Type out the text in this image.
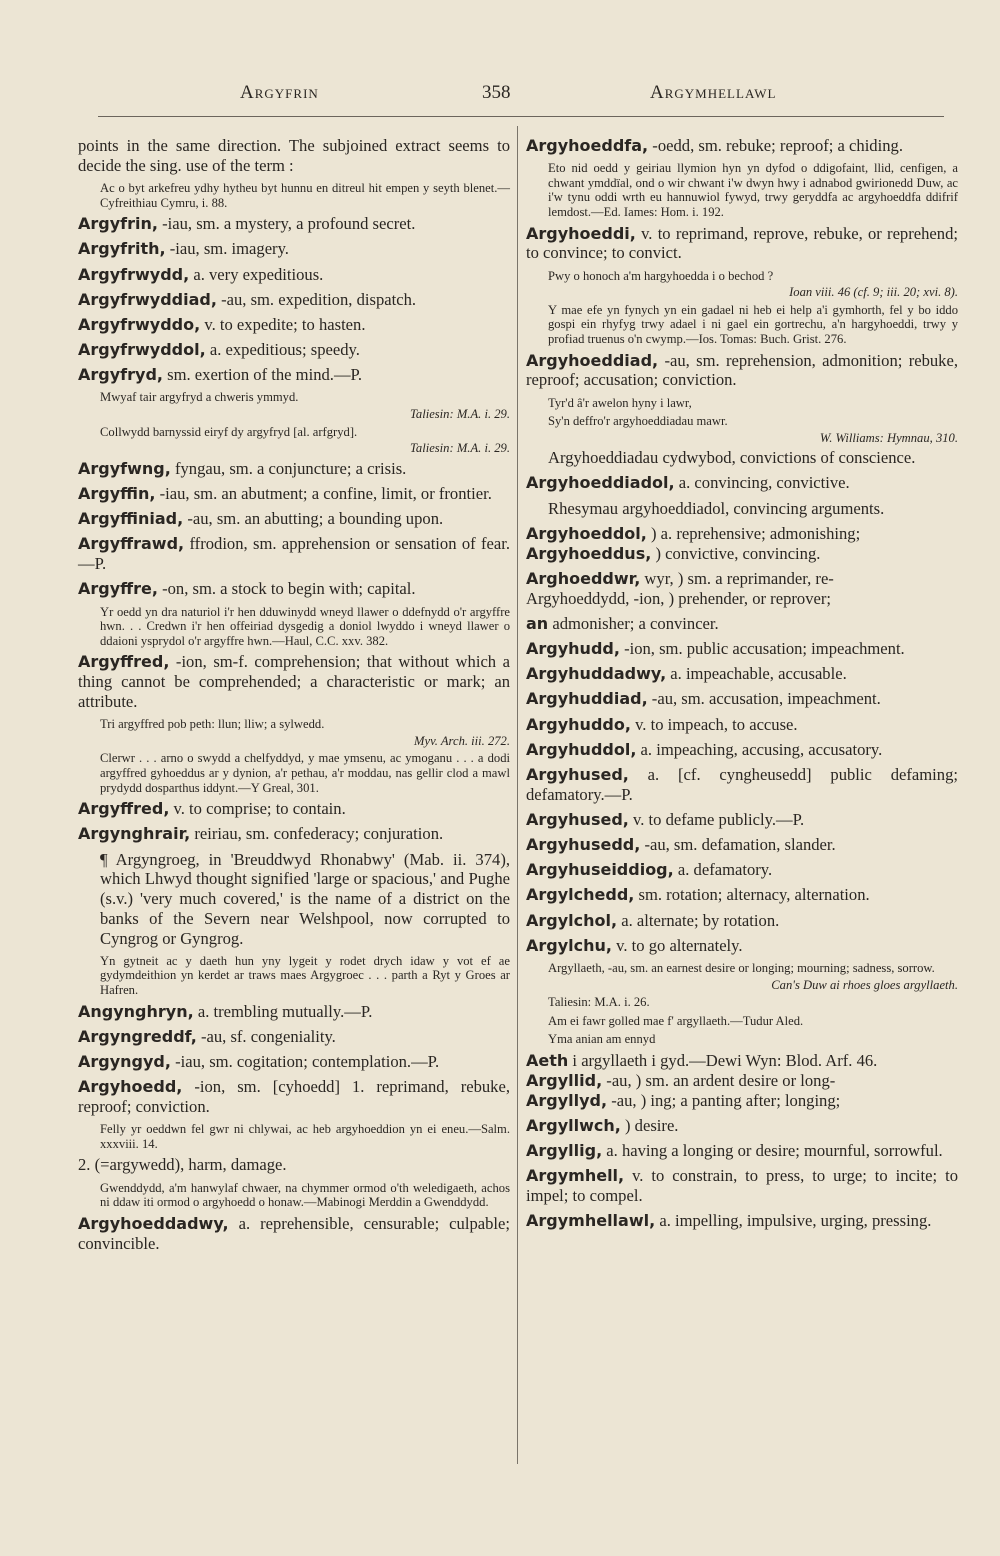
Argyfrin	358	Argymhellawl
points in the same direction. The subjoined extract seems to decide the sing. use of the term :
Ac o byt arkefreu ydhy hytheu byt hunnu en ditreul hit empen y seyth blenet.—Cyfreithiau Cymru, i. 88.
Argyfrin, -iau, sm. a mystery, a profound secret.
Argyfrith, -iau, sm. imagery.
Argyfrwydd, a. very expeditious.
Argyfrwyddiad, -au, sm. expedition, dispatch.
Argyfrwyddo, v. to expedite; to hasten.
Argyfrwyddol, a. expeditious; speedy.
Argyfryd, sm. exertion of the mind.—P.
Mwyaf tair argyfryd a chweris ymmyd.
Taliesin: M.A. i. 29.
Collwydd barnyssid eiryf dy argyfryd [al. arfgryd].
Taliesin: M.A. i. 29.
Argyfwng, fyngau, sm. a conjuncture; a crisis.
Argyffin, -iau, sm. an abutment; a confine, limit, or frontier.
Argyffiniad, -au, sm. an abutting; a bounding upon.
Argyffrawd, ffrodion, sm. apprehension or sensation of fear.—P.
Argyffre, -on, sm. a stock to begin with; capital.
Yr oedd yn dra naturiol i'r hen dduwinydd wneyd llawer o ddefnydd o'r argyffre hwn. . . Credwn i'r hen offeiriad dysgedig a doniol lwyddo i wneyd llawer o ddaioni ysprydol o'r argyffre hwn.—Haul, C.C. xxv. 382.
Argyffred, -ion, sm-f. comprehension; that without which a thing cannot be comprehended; a characteristic or mark; an attribute.
Tri argyffred pob peth: llun; lliw; a sylwedd.
Myv. Arch. iii. 272.
Clerwr . . . arno o swydd a chelfyddyd, y mae ymsenu, ac ymoganu . . . a dodi argyffred gyhoeddus ar y dynion, a'r pethau, a'r moddau, nas gellir clod a mawl prydydd dosparthus iddynt.—Y Greal, 301.
Argyffred, v. to comprise; to contain.
Argynghrair, reiriau, sm. confederacy; conjuration.
¶ Argyngroeg, in 'Breuddwyd Rhonabwy' (Mab. ii. 374), which Lhwyd thought signified 'large or spacious,' and Pughe (s.v.) 'very much covered,' is the name of a district on the banks of the Severn near Welshpool, now corrupted to Cyngrog or Gyngrog.
Yn gytneit ac y daeth hun yny lygeit y rodet drych idaw y vot ef ae gydymdeithion yn kerdet ar traws maes Argygroec . . . parth a Ryt y Groes ar Hafren.
Angynghryn, a. trembling mutually.—P.
Argyngreddf, -au, sf. congeniality.
Argyngyd, -iau, sm. cogitation; contemplation.—P.
Argyhoedd, -ion, sm. [cyhoedd] 1. reprimand, rebuke, reproof; conviction.
Felly yr oeddwn fel gwr ni chlywai, ac heb argyhoeddion yn ei eneu.—Salm. xxxviii. 14.
2. (=argywedd), harm, damage.
Gwenddydd, a'm hanwylaf chwaer, na chymmer ormod o'th weledigaeth, achos ni ddaw iti ormod o argyhoedd o honaw.—Mabinogi Merddin a Gwenddydd.
Argyhoeddadwy, a. reprehensible, censurable; culpable; convincible.
Argyhoeddfa, -oedd, sm. rebuke; reproof; a chiding.
Eto nid oedd y geiriau llymion hyn yn dyfod o ddigofaint, llid, cenfigen, a chwant ymddïal, ond o wir chwant i'w dwyn hwy i adnabod gwirionedd Duw, ac i'w tynu oddi wrth eu hannuwiol fywyd, trwy geryddfa ac argyhoeddfa ddifrif lemdost.—Ed. Iames: Hom. i. 192.
Argyhoeddi, v. to reprimand, reprove, rebuke, or reprehend; to convince; to convict.
Pwy o honoch a'm hargyhoedda i o bechod ?
Ioan viii. 46 (cf. 9; iii. 20; xvi. 8).
Y mae efe yn fynych yn ein gadael ni heb ei help a'i gymhorth, fel y bo iddo gospi ein rhyfyg trwy adael i ni gael ein gortrechu, a'n hargyhoeddi, trwy y profiad truenus o'n cwymp.—Ios. Tomas: Buch. Grist. 276.
Argyhoeddiad, -au, sm. reprehension, admonition; rebuke, reproof; accusation; conviction.
Tyr'd â'r awelon hyny i lawr,
Sy'n deffro'r argyhoeddiadau mawr.
W. Williams: Hymnau, 310.
Argyhoeddiadau cydwybod, convictions of conscience.
Argyhoeddiadol, a. convincing, convictive.
Rhesymau argyhoeddiadol, convincing arguments.
Argyhoeddol, ) a. reprehensive; admonishing;
Argyhoeddus, ) convictive, convincing.
Arghoeddwr, wyr, ) sm. a reprimander, re-
Argyhoeddydd, -ion, ) prehender, or reprover;
an admonisher; a convincer.
Argyhudd, -ion, sm. public accusation; impeachment.
Argyhuddadwy, a. impeachable, accusable.
Argyhuddiad, -au, sm. accusation, impeachment.
Argyhuddo, v. to impeach, to accuse.
Argyhuddol, a. impeaching, accusing, accusatory.
Argyhused, a. [cf. cyngheusedd] public defaming; defamatory.—P.
Argyhused, v. to defame publicly.—P.
Argyhusedd, -au, sm. defamation, slander.
Argyhuseiddiog, a. defamatory.
Argylchedd, sm. rotation; alternacy, alternation.
Argylchol, a. alternate; by rotation.
Argylchu, v. to go alternately.
Argyllaeth, -au, sm. an earnest desire or longing; mourning; sadness, sorrow.
Can's Duw ai rhoes gloes argyllaeth.
Taliesin: M.A. i. 26.
Am ei fawr golled mae f' argyllaeth.—Tudur Aled.
Yma anian am ennyd
Aeth i argyllaeth i gyd.—Dewi Wyn: Blod. Arf. 46.
Argyllid, -au, ) sm. an ardent desire or long-
Argyllyd, -au, ) ing; a panting after; longing;
Argyllwch, ) desire.
Argyllig, a. having a longing or desire; mournful, sorrowful.
Argymhell, v. to constrain, to press, to urge; to incite; to impel; to compel.
Argymhellawl, a. impelling, impulsive, urging, pressing.
